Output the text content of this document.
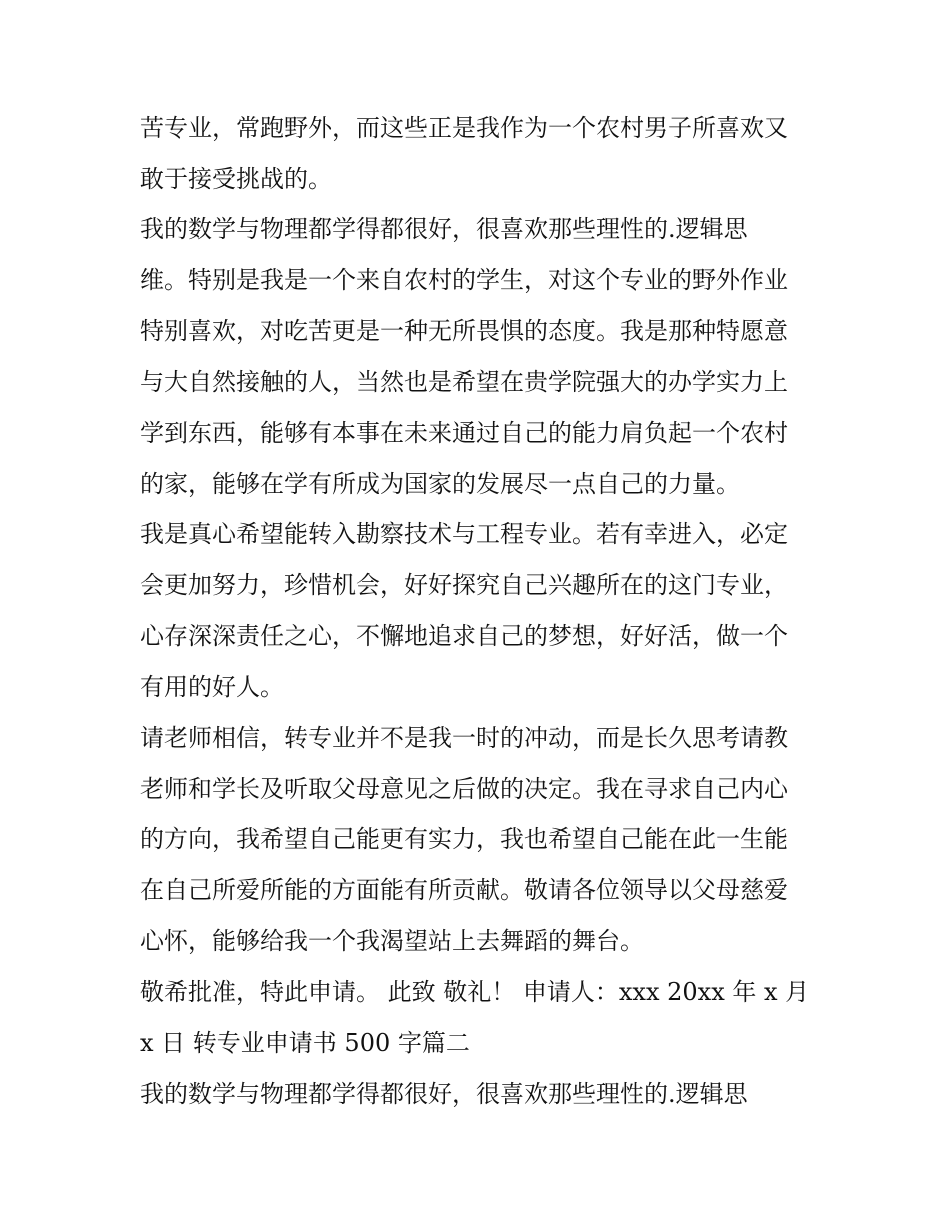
苦专业，常跑野外，而这些正是我作为一个农村男子所喜欢又
敢于接受挑战的。
我的数学与物理都学得都很好，很喜欢那些理性的.逻辑思
维。特别是我是一个来自农村的学生，对这个专业的野外作业
特别喜欢，对吃苦更是一种无所畏惧的态度。我是那种特愿意
与大自然接触的人，当然也是希望在贵学院强大的办学实力上
学到东西，能够有本事在未来通过自己的能力肩负起一个农村
的家，能够在学有所成为国家的发展尽一点自己的力量。
我是真心希望能转入勘察技术与工程专业。若有幸进入，必定
会更加努力，珍惜机会，好好探究自己兴趣所在的这门专业，
心存深深责任之心，不懈地追求自己的梦想，好好活，做一个
有用的好人。
请老师相信，转专业并不是我一时的冲动，而是长久思考请教
老师和学长及听取父母意见之后做的决定。我在寻求自己内心
的方向，我希望自己能更有实力，我也希望自己能在此一生能
在自己所爱所能的方面能有所贡献。敬请各位领导以父母慈爱
心怀，能够给我一个我渴望站上去舞蹈的舞台。
敬希批准，特此申请。 此致 敬礼！ 申请人：xxx 20xx 年 x 月
x 日 转专业申请书 500 字篇二
我的数学与物理都学得都很好，很喜欢那些理性的.逻辑思
